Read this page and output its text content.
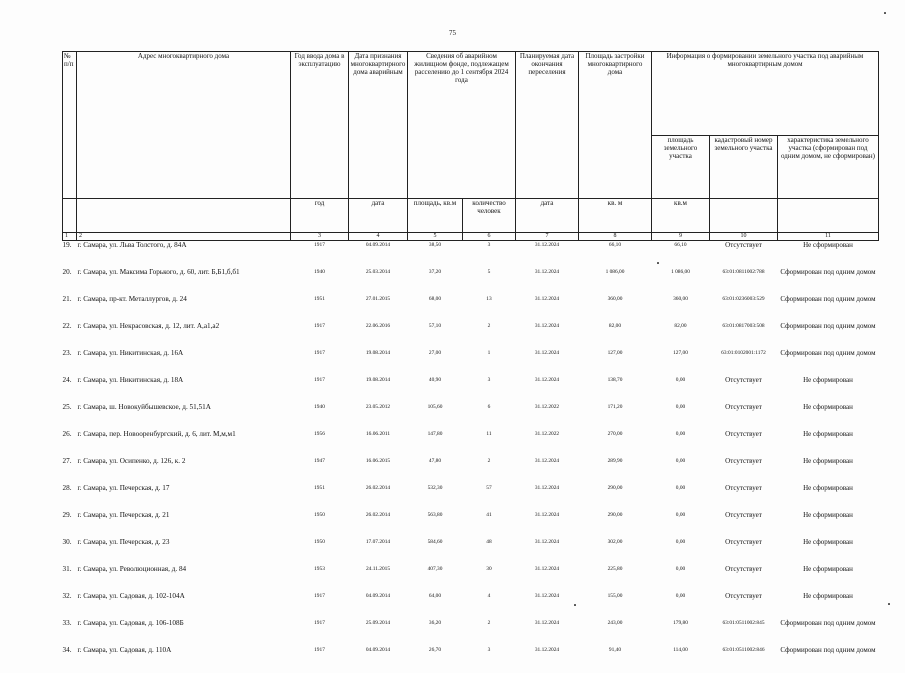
75
№ п/п	Адрес многоквартирного дома	Год ввода дома в эксплуатацию	Дата признания многоквартирного дома аварийным	Сведения об аварийном жилищном фонде, подлежащем расселению до 1 сентября 2024 года		Планируемая дата окончания переселения	Площадь застройки многоквартирного дома	Информация о формировании земельного участка под аварийным многоквартирным домом		
								площадь земельного участка	кадастровый номер земельного участка	характеристика земельного участка (сформирован под одним домом, не сформирован)
		год	дата	площадь, кв.м	количество человек	дата	кв. м	кв.м		
1	2	3	4	5	6	7	8	9	10	11
19.	г. Самара, ул. Льва Толстого, д. 84А	1917	04.09.2014	38,50	3	31.12.2024	66,10	66,10	Отсутствует	Не сформирован
20.	г. Самара, ул. Максима Горького, д. 60, лит. Б,Б1,б,б1	1940	25.03.2014	37,20	5	31.12.2024	1 086,00	1 086,00	63:01:0811002:788	Сформирован под одним домом
21.	г. Самара, пр-кт. Металлургов, д. 24	1951	27.01.2015	68,00	13	31.12.2024	360,00	360,00	63:01:0236003:529	Сформирован под одним домом
22.	г. Самара, ул. Некрасовская, д. 12, лит. А,а1,а2	1917	22.06.2016	57,10	2	31.12.2024	82,00	82,00	63:01:0817003:508	Сформирован под одним домом
23.	г. Самара, ул. Никитинская, д. 16А	1917	19.08.2014	27,00	1	31.12.2024	127,00	127,00	63:01:0102001:1172	Сформирован под одним домом
24.	г. Самара, ул. Никитинская, д. 18А	1917	19.08.2014	40,90	3	31.12.2024	138,70	0,00	Отсутствует	Не сформирован
25.	г. Самара, ш. Новокуйбышевское, д. 51,51А	1940	23.05.2012	105,60	6	31.12.2022	171,20	0,00	Отсутствует	Не сформирован
26.	г. Самара, пер. Новооренбургский, д. 6, лит. М,м,м1	1956	16.06.2011	147,80	11	31.12.2022	270,00	0,00	Отсутствует	Не сформирован
27.	г. Самара, ул. Осипенко, д. 126, к. 2	1947	16.06.2015	47,80	2	31.12.2024	289,90	0,00	Отсутствует	Не сформирован
28.	г. Самара, ул. Печерская, д. 17	1951	26.02.2014	532,30	57	31.12.2024	290,00	0,00	Отсутствует	Не сформирован
29.	г. Самара, ул. Печерская, д. 21	1950	26.02.2014	563,80	41	31.12.2024	290,00	0,00	Отсутствует	Не сформирован
30.	г. Самара, ул. Печерская, д. 23	1950	17.07.2014	584,60	48	31.12.2024	302,00	0,00	Отсутствует	Не сформирован
31.	г. Самара, ул. Революционная, д. 84	1953	24.11.2015	407,30	30	31.12.2024	225,80	0,00	Отсутствует	Не сформирован
32.	г. Самара, ул. Садовая, д. 102-104А	1917	04.09.2014	64,00	4	31.12.2024	155,00	0,00	Отсутствует	Не сформирован
33.	г. Самара, ул. Садовая, д. 106-108Б	1917	25.09.2014	36,20	2	31.12.2024	243,00	179,80	63:01:0511002:845	Сформирован под одним домом
34.	г. Самара, ул. Садовая, д. 110А	1917	04.09.2014	26,70	3	31.12.2024	91,40	114,00	63:01:0511002:846	Сформирован под одним домом
